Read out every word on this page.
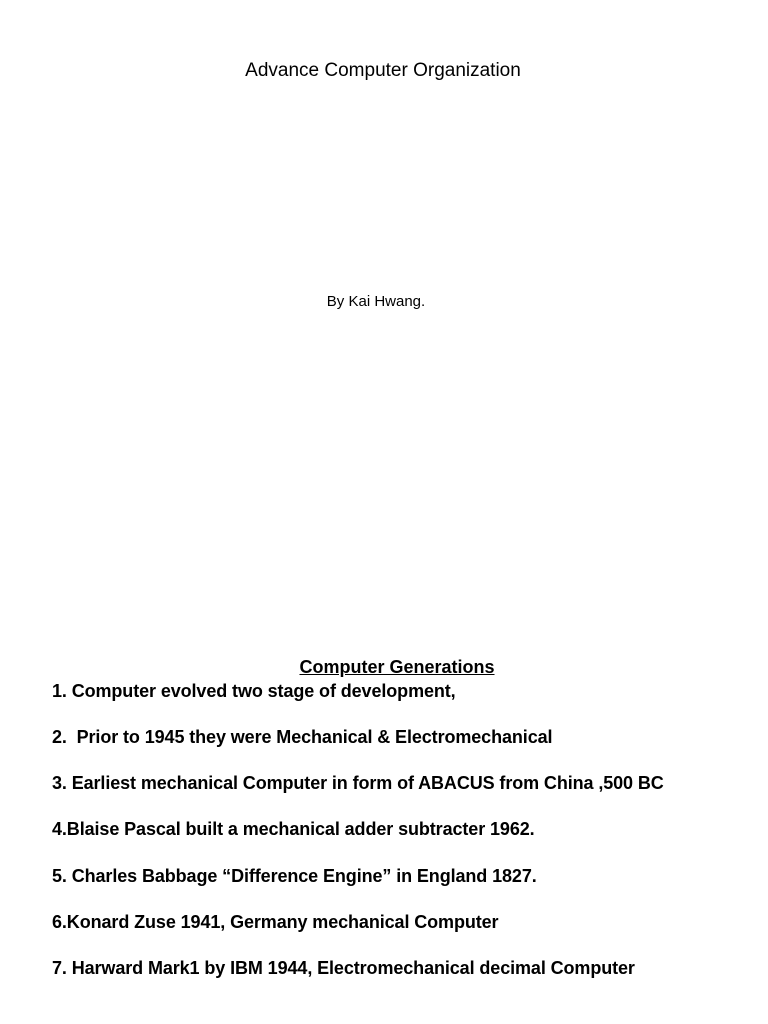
Advance Computer Organization

By Kai Hwang.

Computer Generations
1. Computer evolved two stage of development,
2.  Prior to 1945 they were Mechanical & Electromechanical
3. Earliest mechanical Computer in form of ABACUS from China ,500 BC
4.Blaise Pascal built a mechanical adder subtracter 1962.
5. Charles Babbage “Difference Engine” in England 1827.
6.Konard Zuse 1941, Germany mechanical Computer
7. Harward Mark1 by IBM 1944, Electromechanical decimal Computer
